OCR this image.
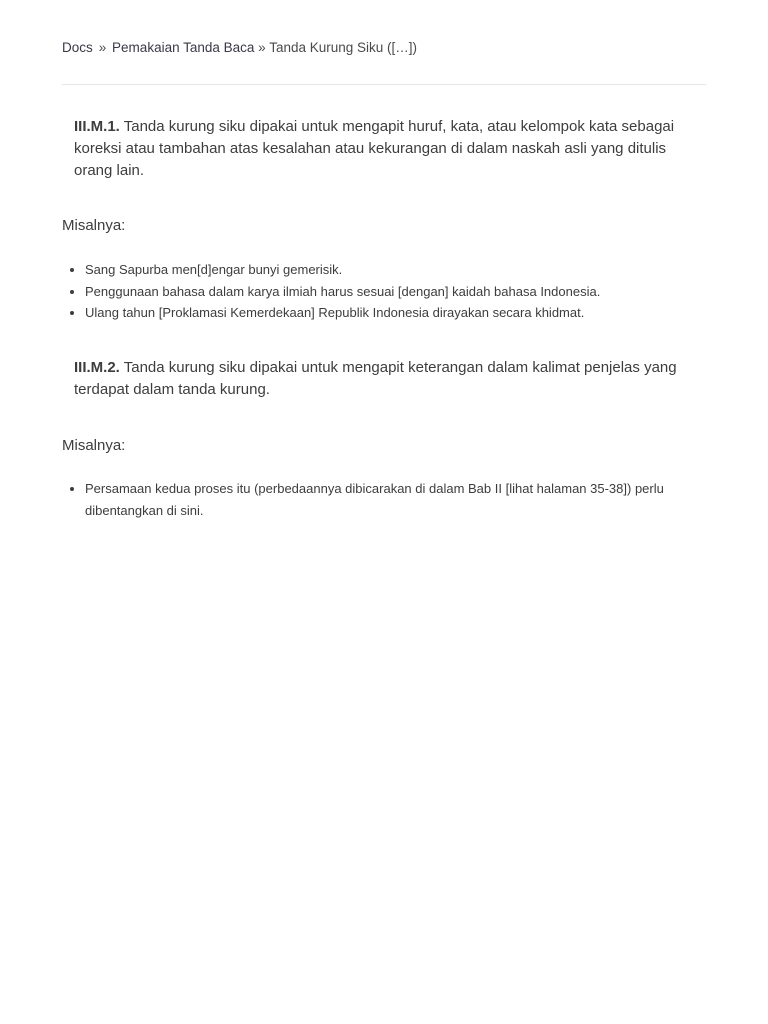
Docs » Pemakaian Tanda Baca » Tanda Kurung Siku ([…])

III.M.1. Tanda kurung siku dipakai untuk mengapit huruf, kata, atau kelompok kata sebagai koreksi atau tambahan atas kesalahan atau kekurangan di dalam naskah asli yang ditulis orang lain.

Misalnya:

• Sang Sapurba men[d]engar bunyi gemerisik.
• Penggunaan bahasa dalam karya ilmiah harus sesuai [dengan] kaidah bahasa Indonesia.
• Ulang tahun [Proklamasi Kemerdekaan] Republik Indonesia dirayakan secara khidmat.

III.M.2. Tanda kurung siku dipakai untuk mengapit keterangan dalam kalimat penjelas yang terdapat dalam tanda kurung.

Misalnya:

• Persamaan kedua proses itu (perbedaannya dibicarakan di dalam Bab II [lihat halaman 35-38]) perlu dibentangkan di sini.
